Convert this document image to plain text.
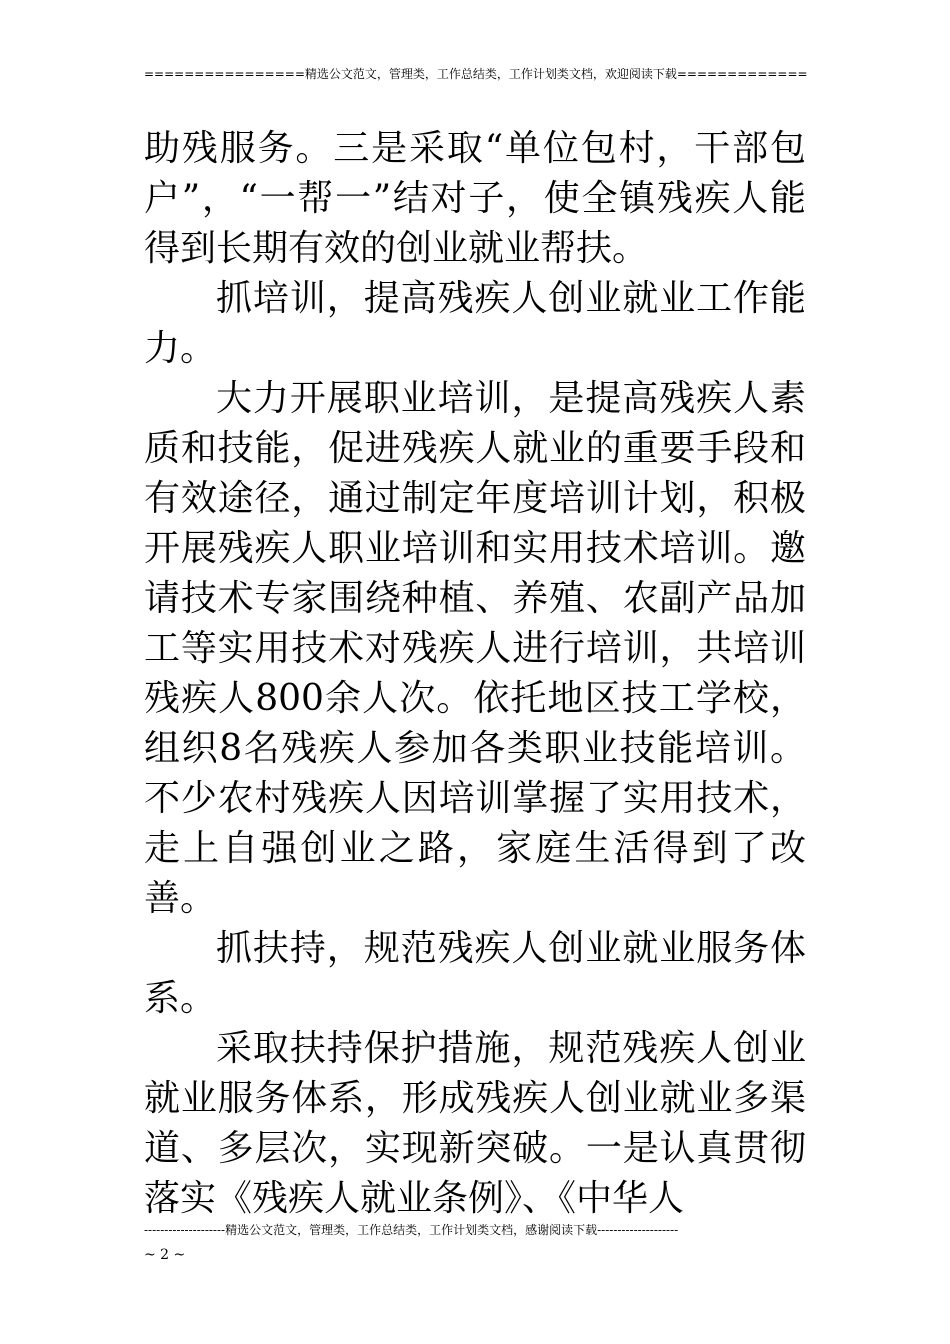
================精选公文范文，管理类，工作总结类，工作计划类文档，欢迎阅读下载=============

助残服务。三是采取“单位包村，干部包户”，“一帮一”结对子，使全镇残疾人能得到长期有效的创业就业帮扶。

抓培训，提高残疾人创业就业工作能力。

大力开展职业培训，是提高残疾人素质和技能，促进残疾人就业的重要手段和有效途径，通过制定年度培训计划，积极开展残疾人职业培训和实用技术培训。邀请技术专家围绕种植、养殖、农副产品加工等实用技术对残疾人进行培训，共培训残疾人800余人次。依托地区技工学校，组织8名残疾人参加各类职业技能培训。不少农村残疾人因培训掌握了实用技术，走上自强创业之路，家庭生活得到了改善。

抓扶持，规范残疾人创业就业服务体系。

采取扶持保护措施，规范残疾人创业就业服务体系，形成残疾人创业就业多渠道、多层次，实现新突破。一是认真贯彻落实《残疾人就业条例》、《中华人

--------------------精选公文范文，管理类，工作总结类，工作计划类文档，感谢阅读下载--------------------
~ 2 ~
